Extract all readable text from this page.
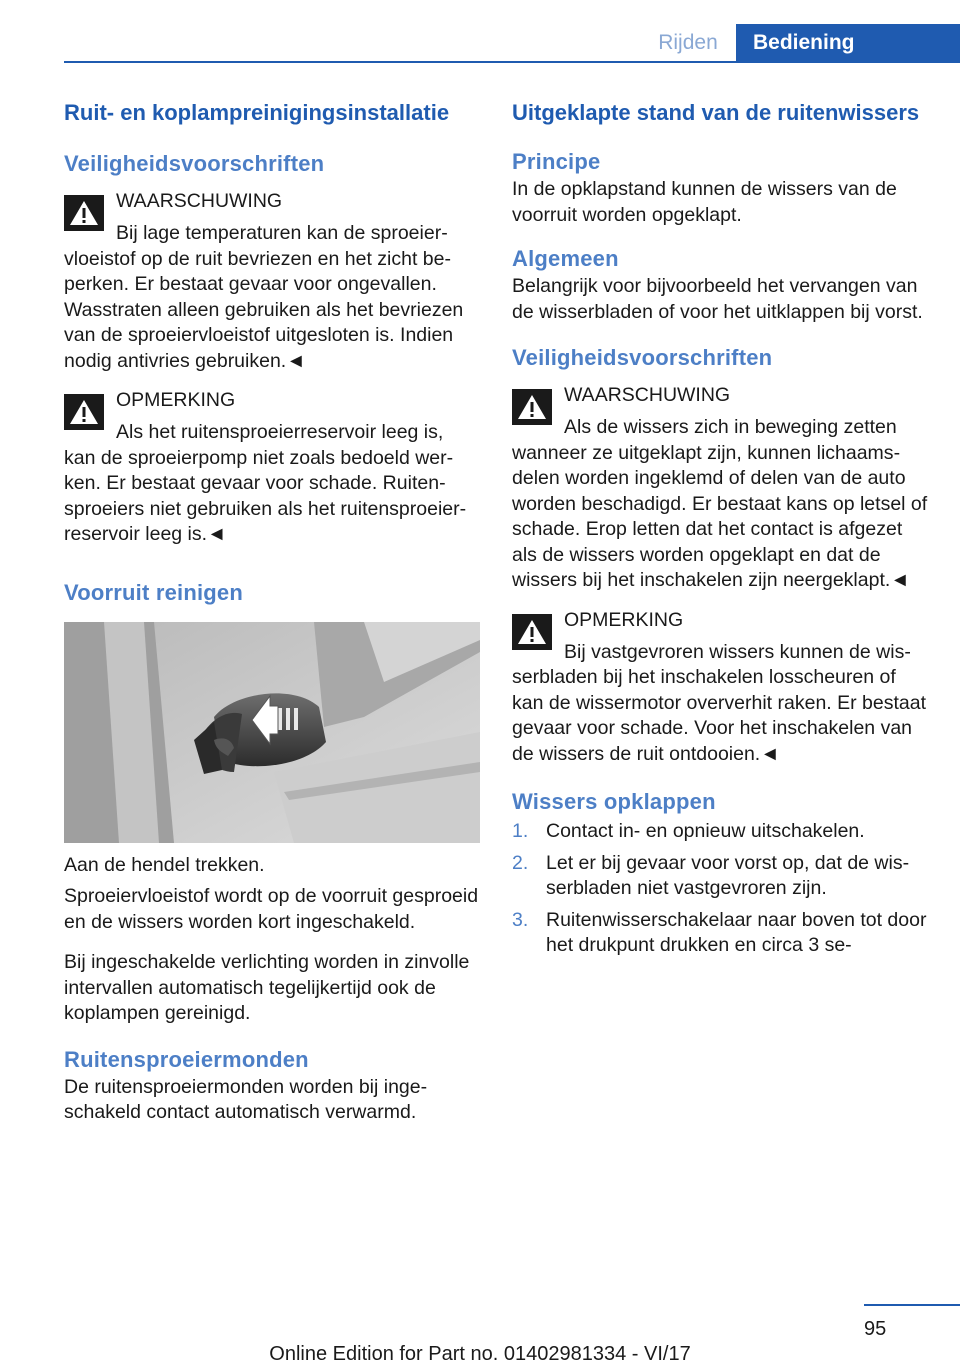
Rijden	Bediening
Ruit- en koplampreinigingsinstallatie
Veiligheidsvoorschriften
WAARSCHUWING

Bij lage temperaturen kan de sproeiervloeistof op de ruit bevriezen en het zicht beperken. Er bestaat gevaar voor ongevallen. Wasstraten alleen gebruiken als het bevriezen van de sproeiervloeistof uitgesloten is. Indien nodig antivries gebruiken.◄

OPMERKING

Als het ruitensproeierreservoir leeg is, kan de sproeierpomp niet zoals bedoeld werken. Er bestaat gevaar voor schade. Ruitensproeiers niet gebruiken als het ruitensproeierreservoir leeg is.◄

Voorruit reinigen

Aan de hendel trekken.

Sproeiervloeistof wordt op de voorruit gesproeid en de wissers worden kort ingeschakeld.

Bij ingeschakelde verlichting worden in zinvolle intervallen automatisch tegelijkertijd ook de koplampen gereinigd.

Ruitensproeiermonden

De ruitensproeiermonden worden bij ingeschakeld contact automatisch verwarmd.

Uitgeklapte stand van de ruitenwissers
Principe

In de opklapstand kunnen de wissers van de voorruit worden opgeklapt.

Algemeen

Belangrijk voor bijvoorbeeld het vervangen van de wisserbladen of voor het uitklappen bij vorst.

Veiligheidsvoorschriften
WAARSCHUWING

Als de wissers zich in beweging zetten wanneer ze uitgeklapt zijn, kunnen lichaamsdelen worden ingeklemd of delen van de auto worden beschadigd. Er bestaat kans op letsel of schade. Erop letten dat het contact is afgezet als de wissers worden opgeklapt en dat de wissers bij het inschakelen zijn neergeklapt.◄

OPMERKING

Bij vastgevroren wissers kunnen de wisserbladen bij het inschakelen losscheuren of kan de wissermotor oververhit raken. Er bestaat gevaar voor schade. Voor het inschakelen van de wissers de ruit ontdooien.◄

Wissers opklappen
1. Contact in- en opnieuw uitschakelen.
2. Let er bij gevaar voor vorst op, dat de wisserbladen niet vastgevroren zijn.
3. Ruitenwisserschakelaar naar boven tot door het drukpunt drukken en circa 3 se-
95
Online Edition for Part no. 01402981334 - VI/17
